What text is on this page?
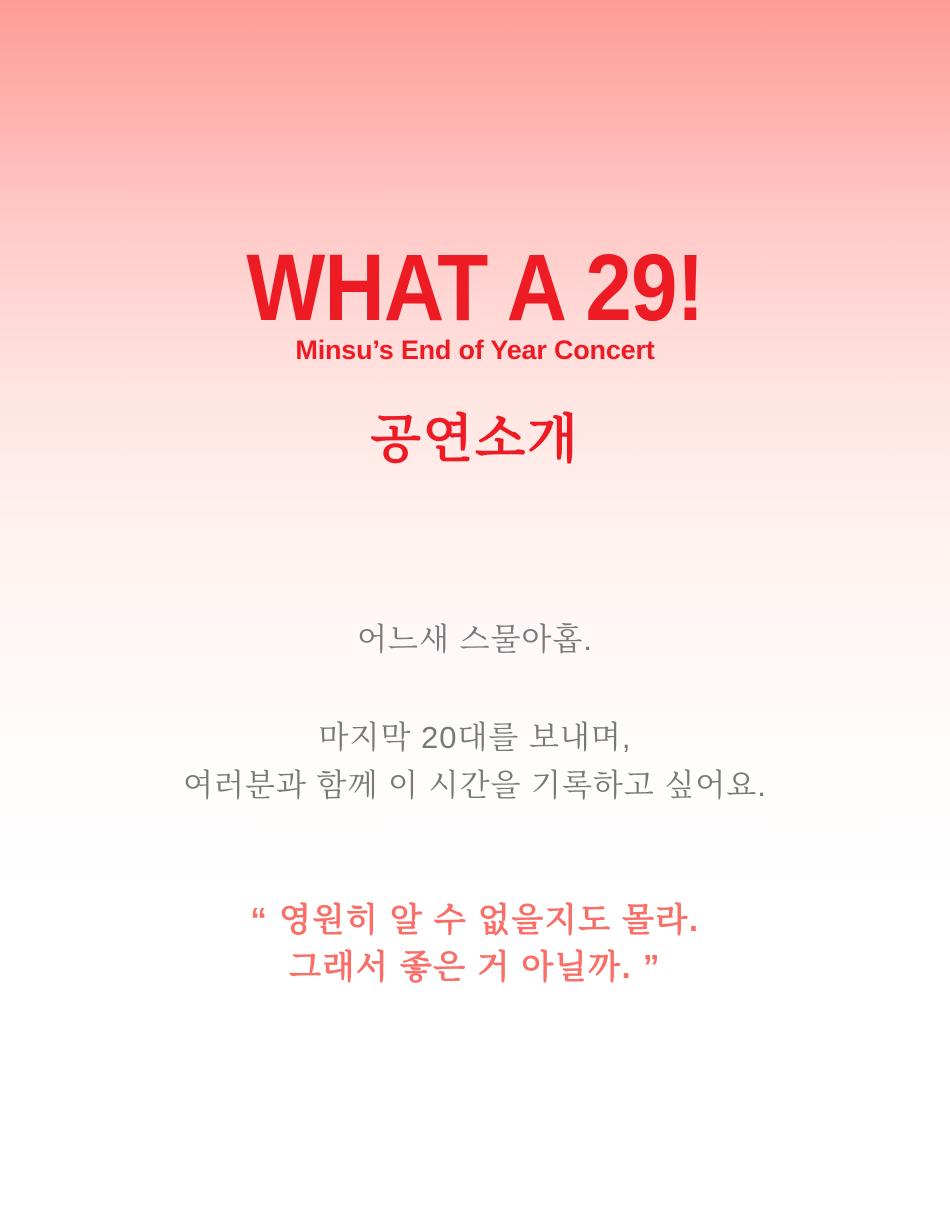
WHAT A 29!
Minsu’s End of Year Concert
공연소개

어느새 스물아홉.

마지막 20대를 보내며,
여러분과 함께 이 시간을 기록하고 싶어요.

“ 영원히 알 수 없을지도 몰라.
그래서 좋은 거 아닐까. ”
